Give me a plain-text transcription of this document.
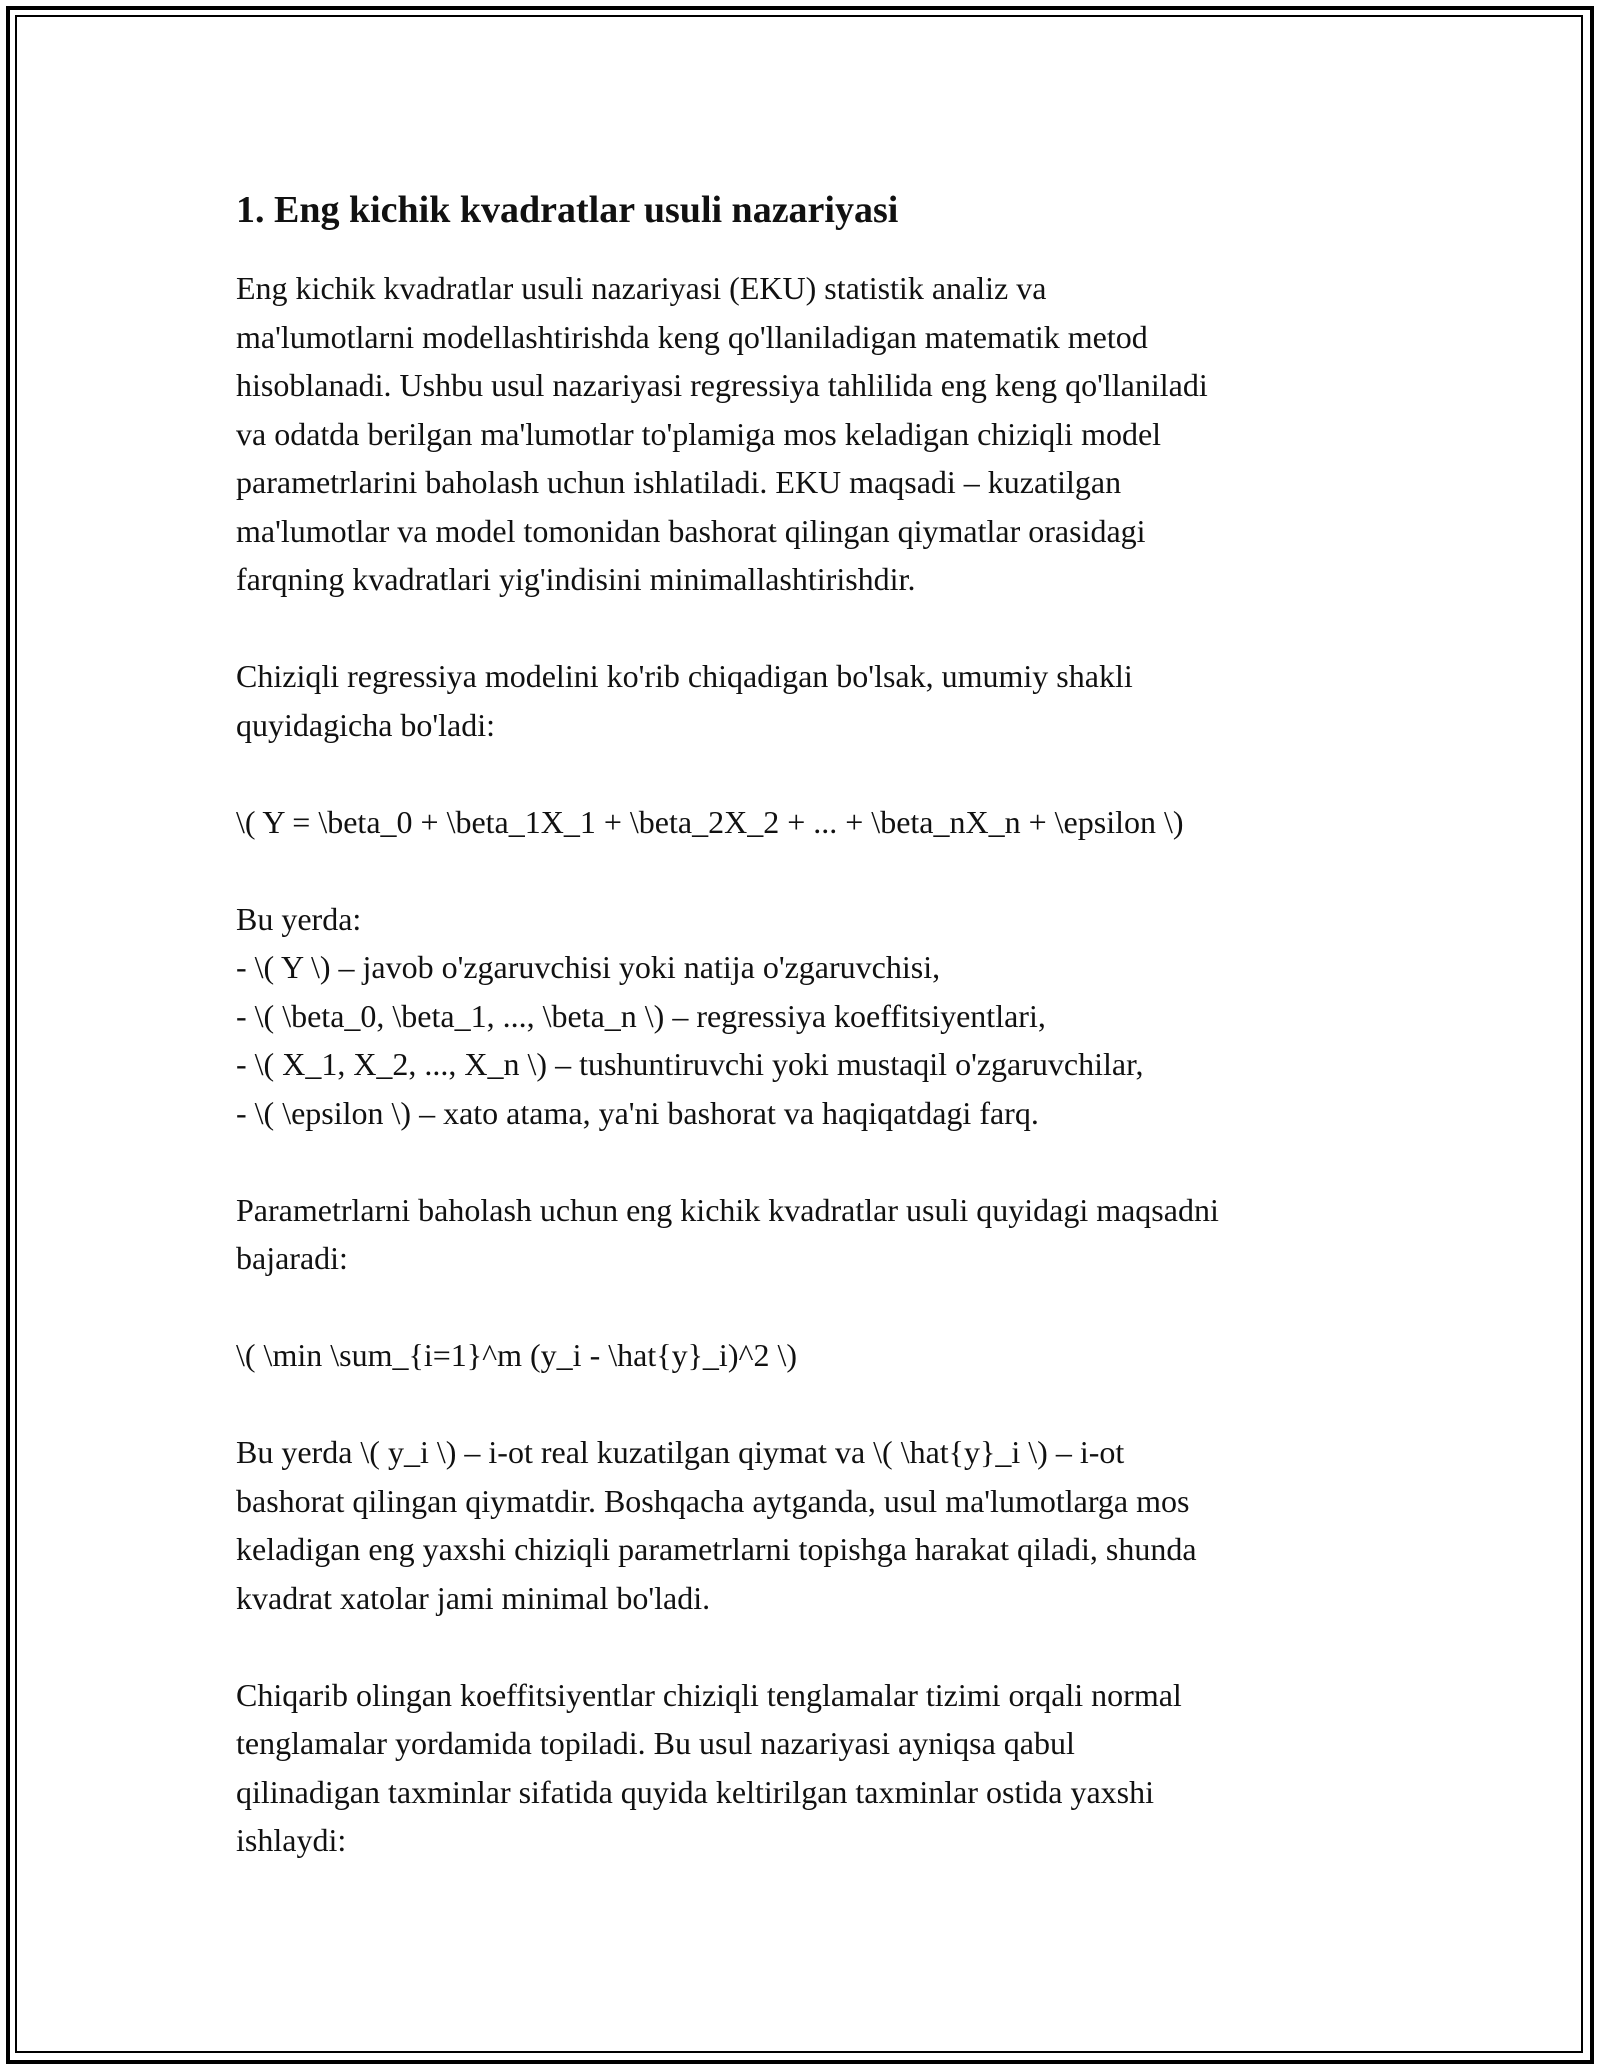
1. Eng kichik kvadratlar usuli nazariyasi

Eng kichik kvadratlar usuli nazariyasi (EKU) statistik analiz va
ma'lumotlarni modellashtirishda keng qo'llaniladigan matematik metod
hisoblanadi. Ushbu usul nazariyasi regressiya tahlilida eng keng qo'llaniladi
va odatda berilgan ma'lumotlar to'plamiga mos keladigan chiziqli model
parametrlarini baholash uchun ishlatiladi. EKU maqsadi – kuzatilgan
ma'lumotlar va model tomonidan bashorat qilingan qiymatlar orasidagi
farqning kvadratlari yig'indisini minimallashtirishdir.

Chiziqli regressiya modelini ko'rib chiqadigan bo'lsak, umumiy shakli
quyidagicha bo'ladi:

\( Y = \beta_0 + \beta_1X_1 + \beta_2X_2 + ... + \beta_nX_n + \epsilon \)

Bu yerda:
- \( Y \) – javob o'zgaruvchisi yoki natija o'zgaruvchisi,
- \( \beta_0, \beta_1, ..., \beta_n \) – regressiya koeffitsiyentlari,
- \( X_1, X_2, ..., X_n \) – tushuntiruvchi yoki mustaqil o'zgaruvchilar,
- \( \epsilon \) – xato atama, ya'ni bashorat va haqiqatdagi farq.

Parametrlarni baholash uchun eng kichik kvadratlar usuli quyidagi maqsadni
bajaradi:

\( \min \sum_{i=1}^m (y_i - \hat{y}_i)^2 \)

Bu yerda \( y_i \) – i-ot real kuzatilgan qiymat va \( \hat{y}_i \) – i-ot
bashorat qilingan qiymatdir. Boshqacha aytganda, usul ma'lumotlarga mos
keladigan eng yaxshi chiziqli parametrlarni topishga harakat qiladi, shunda
kvadrat xatolar jami minimal bo'ladi.

Chiqarib olingan koeffitsiyentlar chiziqli tenglamalar tizimi orqali normal
tenglamalar yordamida topiladi. Bu usul nazariyasi ayniqsa qabul
qilinadigan taxminlar sifatida quyida keltirilgan taxminlar ostida yaxshi
ishlaydi:
